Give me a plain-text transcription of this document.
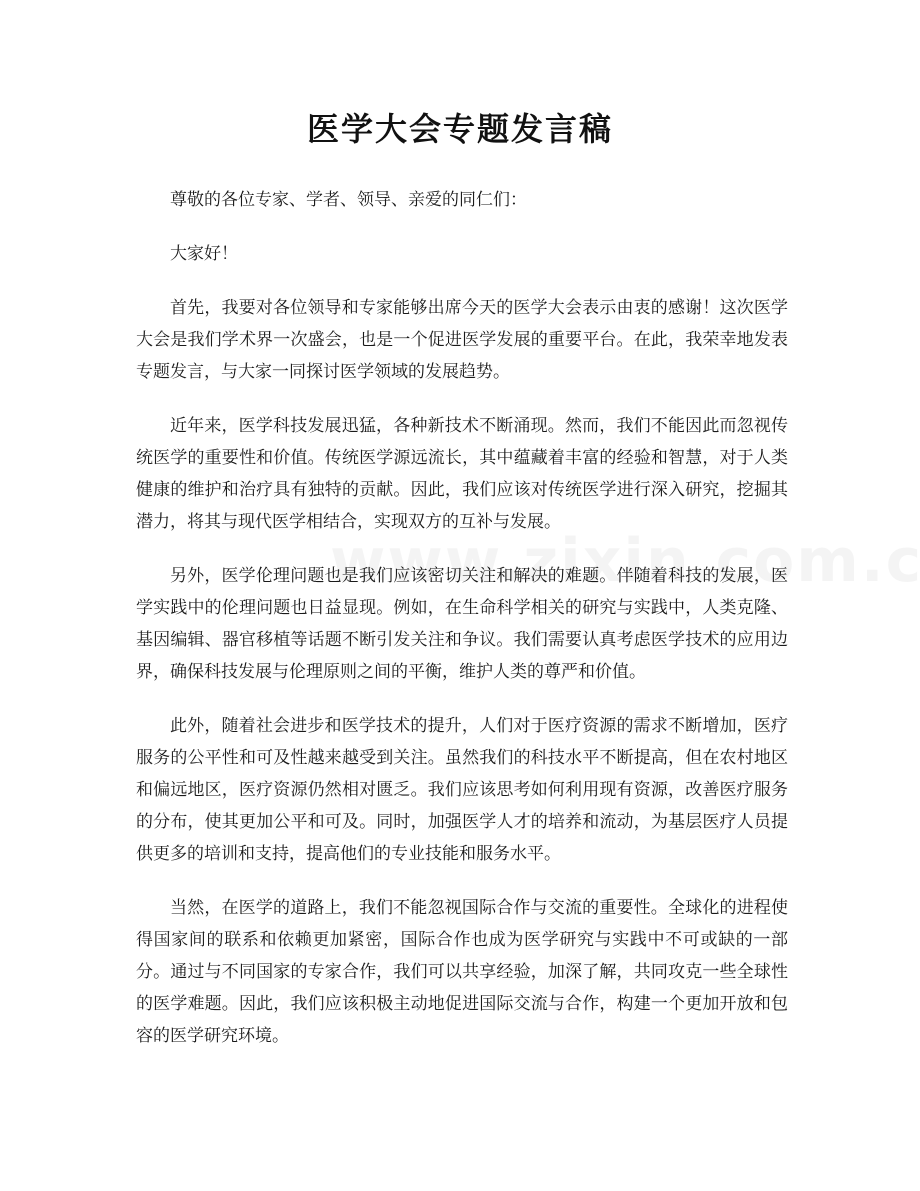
医学大会专题发言稿

尊敬的各位专家、学者、领导、亲爱的同仁们：

大家好！

首先，我要对各位领导和专家能够出席今天的医学大会表示由衷的感谢！这次医学大会是我们学术界一次盛会，也是一个促进医学发展的重要平台。在此，我荣幸地发表专题发言，与大家一同探讨医学领域的发展趋势。

近年来，医学科技发展迅猛，各种新技术不断涌现。然而，我们不能因此而忽视传统医学的重要性和价值。传统医学源远流长，其中蕴藏着丰富的经验和智慧，对于人类健康的维护和治疗具有独特的贡献。因此，我们应该对传统医学进行深入研究，挖掘其潜力，将其与现代医学相结合，实现双方的互补与发展。

另外，医学伦理问题也是我们应该密切关注和解决的难题。伴随着科技的发展，医学实践中的伦理问题也日益显现。例如，在生命科学相关的研究与实践中，人类克隆、基因编辑、器官移植等话题不断引发关注和争议。我们需要认真考虑医学技术的应用边界，确保科技发展与伦理原则之间的平衡，维护人类的尊严和价值。

此外，随着社会进步和医学技术的提升，人们对于医疗资源的需求不断增加，医疗服务的公平性和可及性越来越受到关注。虽然我们的科技水平不断提高，但在农村地区和偏远地区，医疗资源仍然相对匮乏。我们应该思考如何利用现有资源，改善医疗服务的分布，使其更加公平和可及。同时，加强医学人才的培养和流动，为基层医疗人员提供更多的培训和支持，提高他们的专业技能和服务水平。

当然，在医学的道路上，我们不能忽视国际合作与交流的重要性。全球化的进程使得国家间的联系和依赖更加紧密，国际合作也成为医学研究与实践中不可或缺的一部分。通过与不同国家的专家合作，我们可以共享经验，加深了解，共同攻克一些全球性的医学难题。因此，我们应该积极主动地促进国际交流与合作，构建一个更加开放和包容的医学研究环境。
